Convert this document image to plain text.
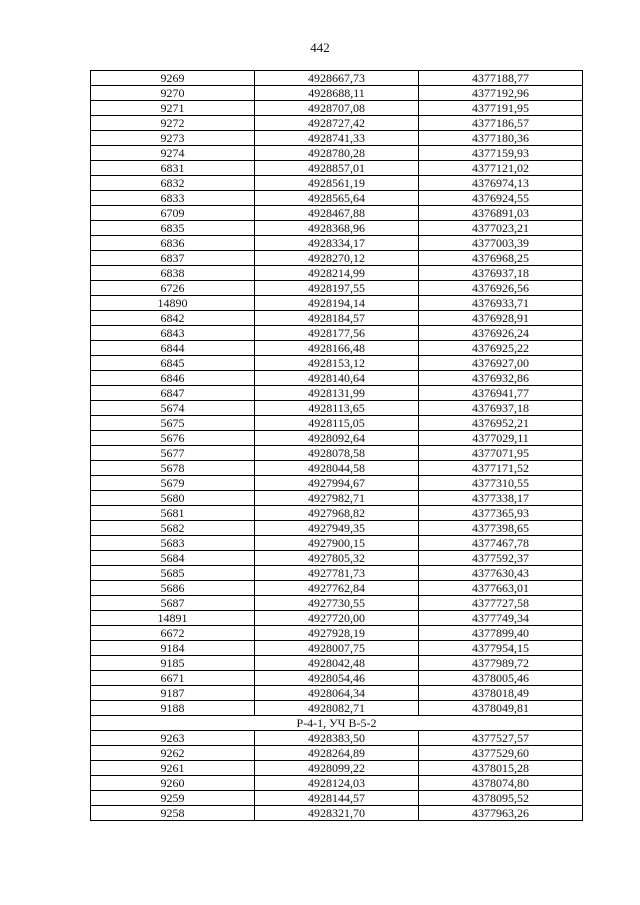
442
9269	4928667,73	4377188,77
9270	4928688,11	4377192,96
9271	4928707,08	4377191,95
9272	4928727,42	4377186,57
9273	4928741,33	4377180,36
9274	4928780,28	4377159,93
6831	4928857,01	4377121,02
6832	4928561,19	4376974,13
6833	4928565,64	4376924,55
6709	4928467,88	4376891,03
6835	4928368,96	4377023,21
6836	4928334,17	4377003,39
6837	4928270,12	4376968,25
6838	4928214,99	4376937,18
6726	4928197,55	4376926,56
14890	4928194,14	4376933,71
6842	4928184,57	4376928,91
6843	4928177,56	4376926,24
6844	4928166,48	4376925,22
6845	4928153,12	4376927,00
6846	4928140,64	4376932,86
6847	4928131,99	4376941,77
5674	4928113,65	4376937,18
5675	4928115,05	4376952,21
5676	4928092,64	4377029,11
5677	4928078,58	4377071,95
5678	4928044,58	4377171,52
5679	4927994,67	4377310,55
5680	4927982,71	4377338,17
5681	4927968,82	4377365,93
5682	4927949,35	4377398,65
5683	4927900,15	4377467,78
5684	4927805,32	4377592,37
5685	4927781,73	4377630,43
5686	4927762,84	4377663,01
5687	4927730,55	4377727,58
14891	4927720,00	4377749,34
6672	4927928,19	4377899,40
9184	4928007,75	4377954,15
9185	4928042,48	4377989,72
6671	4928054,46	4378005,46
9187	4928064,34	4378018,49
9188	4928082,71	4378049,81
Р-4-1, УЧ В-5-2		
9263	4928383,50	4377527,57
9262	4928264,89	4377529,60
9261	4928099,22	4378015,28
9260	4928124,03	4378074,80
9259	4928144,57	4378095,52
9258	4928321,70	4377963,26
